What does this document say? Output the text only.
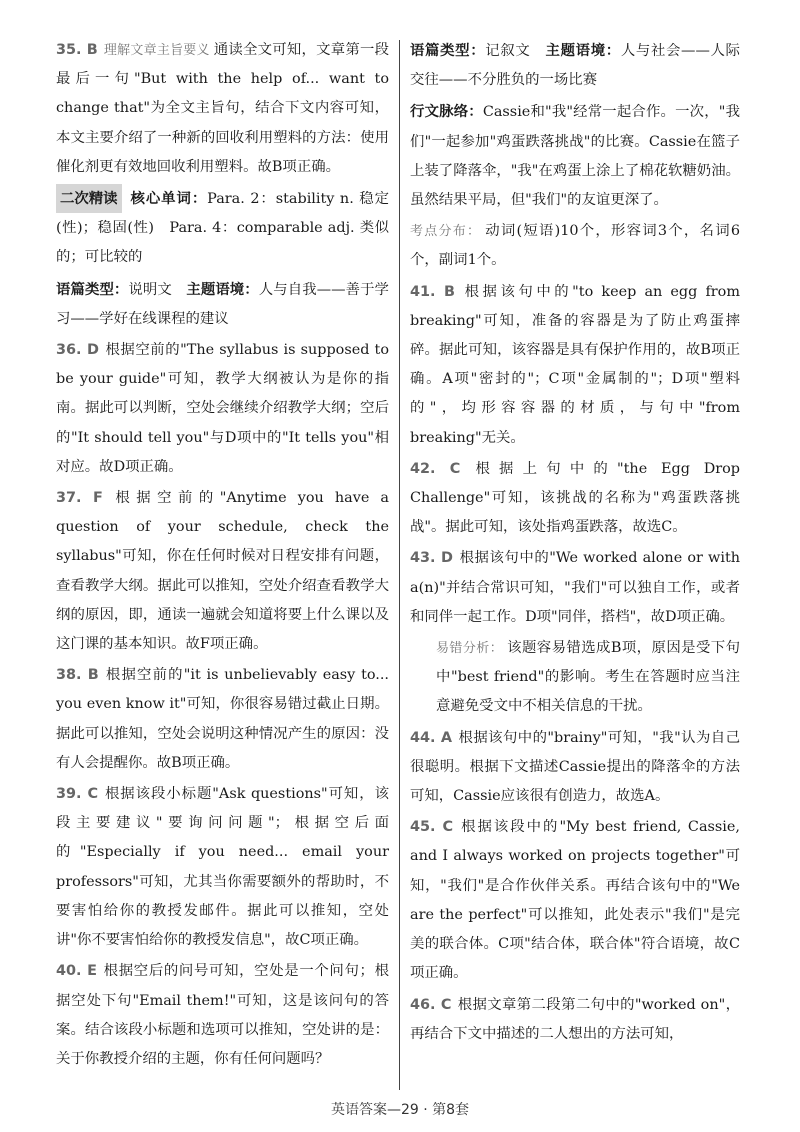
35. B 理解文章主旨要义 通读全文可知，文章第一段最后一句"But with the help of... want to change that"为全文主旨句，结合下文内容可知，本文主要介绍了一种新的回收利用塑料的方法：使用催化剂更有效地回收利用塑料。故B项正确。

二次精读 核心单词：Para. 2：stability n. 稳定(性)；稳固(性)　Para. 4：comparable adj. 类似的；可比较的

语篇类型：说明文　 主题语境：人与自我——善于学习——学好在线课程的建议

36. D 根据空前的"The syllabus is supposed to be your guide"可知，教学大纲被认为是你的指南。据此可以判断，空处会继续介绍教学大纲；空后的"It should tell you"与D项中的"It tells you"相对应。故D项正确。

37. F 根据空前的"Anytime you have a question of your schedule, check the syllabus"可知，你在任何时候对日程安排有问题，查看教学大纲。据此可以推知，空处介绍查看教学大纲的原因，即，通读一遍就会知道将要上什么课以及这门课的基本知识。故F项正确。

38. B 根据空前的"it is unbelievably easy to... you even know it"可知，你很容易错过截止日期。据此可以推知，空处会说明这种情况产生的原因：没有人会提醒你。故B项正确。

39. C 根据该段小标题"Ask questions"可知，该段主要建议"要询问问题"；根据空后面的"Especially if you need... email your professors"可知，尤其当你需要额外的帮助时，不要害怕给你的教授发邮件。据此可以推知，空处讲"你不要害怕给你的教授发信息"，故C项正确。

40. E 根据空后的问号可知，空处是一个问句；根据空处下句"Email them!"可知，这是该问句的答案。结合该段小标题和选项可以推知，空处讲的是：关于你教授介绍的主题，你有任何问题吗？

语篇类型：记叙文　 主题语境：人与社会——人际交往——不分胜负的一场比赛

行文脉络：Cassie和"我"经常一起合作。一次，"我们"一起参加"鸡蛋跌落挑战"的比赛。Cassie在篮子上装了降落伞，"我"在鸡蛋上涂上了棉花软糖奶油。虽然结果平局，但"我们"的友谊更深了。

考点分布： 动词(短语)10个，形容词3个，名词6个，副词1个。

41. B 根据该句中的"to keep an egg from breaking"可知，准备的容器是为了防止鸡蛋摔碎。据此可知，该容器是具有保护作用的，故B项正确。A项"密封的"；C项"金属制的"；D项"塑料的"，均形容容器的材质，与句中"from breaking"无关。

42. C 根据上句中的"the Egg Drop Challenge"可知，该挑战的名称为"鸡蛋跌落挑战"。据此可知，该处指鸡蛋跌落，故选C。

43. D 根据该句中的"We worked alone or with a(n)"并结合常识可知，"我们"可以独自工作，或者和同伴一起工作。D项"同伴，搭档"，故D项正确。

易错分析： 该题容易错选成B项，原因是受下句中"best friend"的影响。考生在答题时应当注意避免受文中不相关信息的干扰。

44. A 根据该句中的"brainy"可知，"我"认为自己很聪明。根据下文描述Cassie提出的降落伞的方法可知，Cassie应该很有创造力，故选A。

45. C 根据该段中的"My best friend, Cassie, and I always worked on projects together"可知，"我们"是合作伙伴关系。再结合该句中的"We are the perfect"可以推知，此处表示"我们"是完美的联合体。C项"结合体，联合体"符合语境，故C项正确。

46. C 根据文章第二段第二句中的"worked on"，再结合下文中描述的二人想出的方法可知，

英语答案—29 · 第8套
